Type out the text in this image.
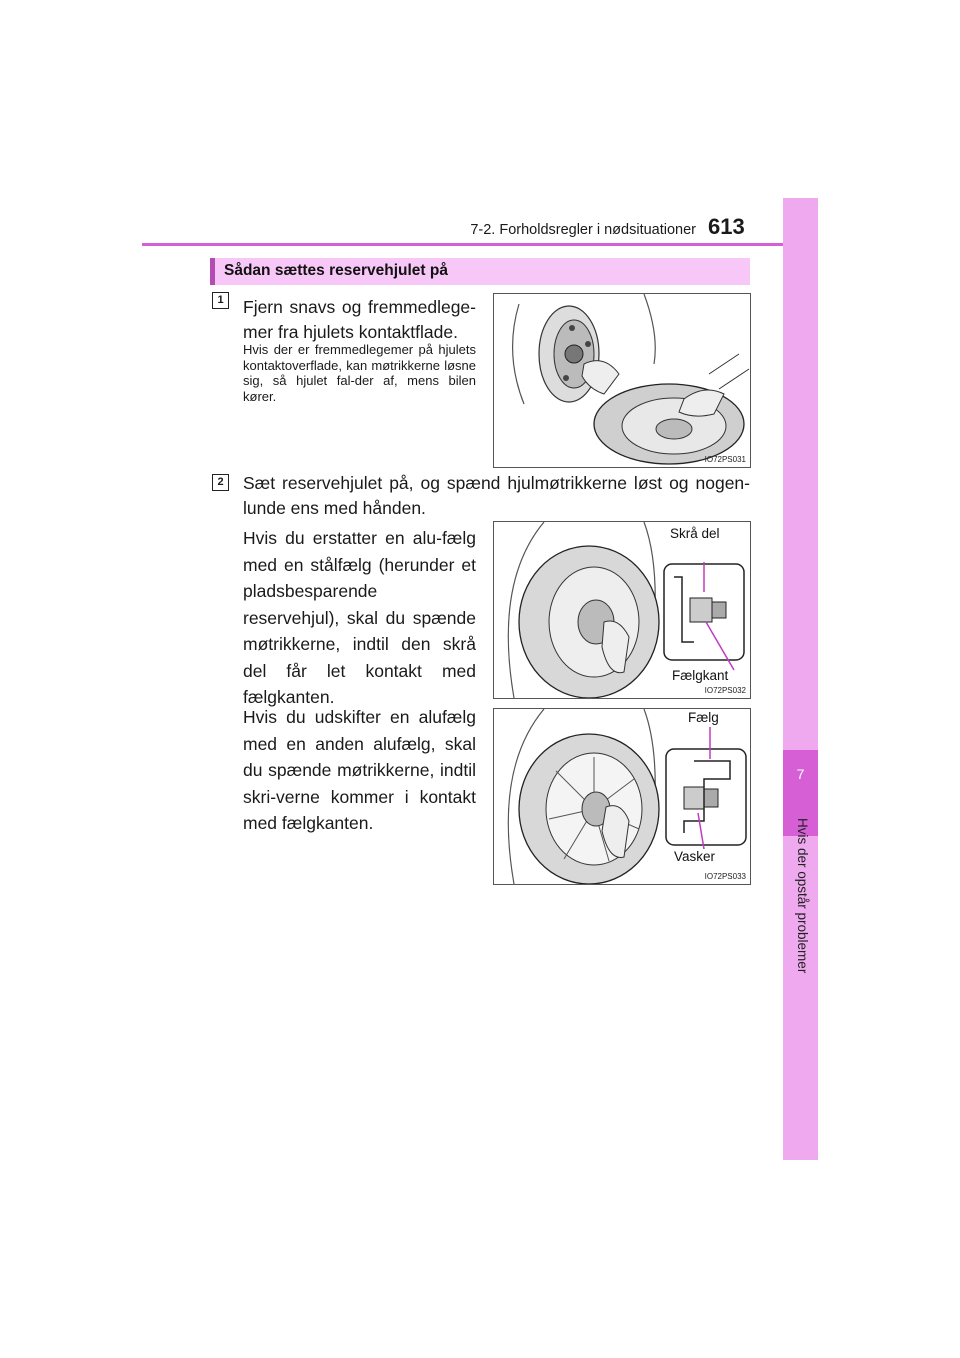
7-2. Forholdsregler i nødsituationer 613
7
Hvis der opstår problemer
Sådan sættes reservehjulet på
1	Fjern snavs og fremmedlege-mer fra hjulets kontaktflade.
Hvis der er fremmedlegemer på hjulets kontaktoverflade, kan møtrikkerne løsne sig, så hjulet fal-der af, mens bilen kører.
IO72PS031
2	Sæt reservehjulet på, og spænd hjulmøtrikkerne løst og nogen-lunde ens med hånden.
Hvis du erstatter en alu-fælg med en stålfælg (herunder et pladsbesparende reservehjul), skal du spænde møtrikkerne, indtil den skrå del får let kontakt med fælgkanten.
Skrå del
Fælgkant
IO72PS032
Hvis du udskifter en alufælg med en anden alufælg, skal du spænde møtrikkerne, indtil skri-verne kommer i kontakt med fælgkanten.
Fælg
Vasker
IO72PS033
